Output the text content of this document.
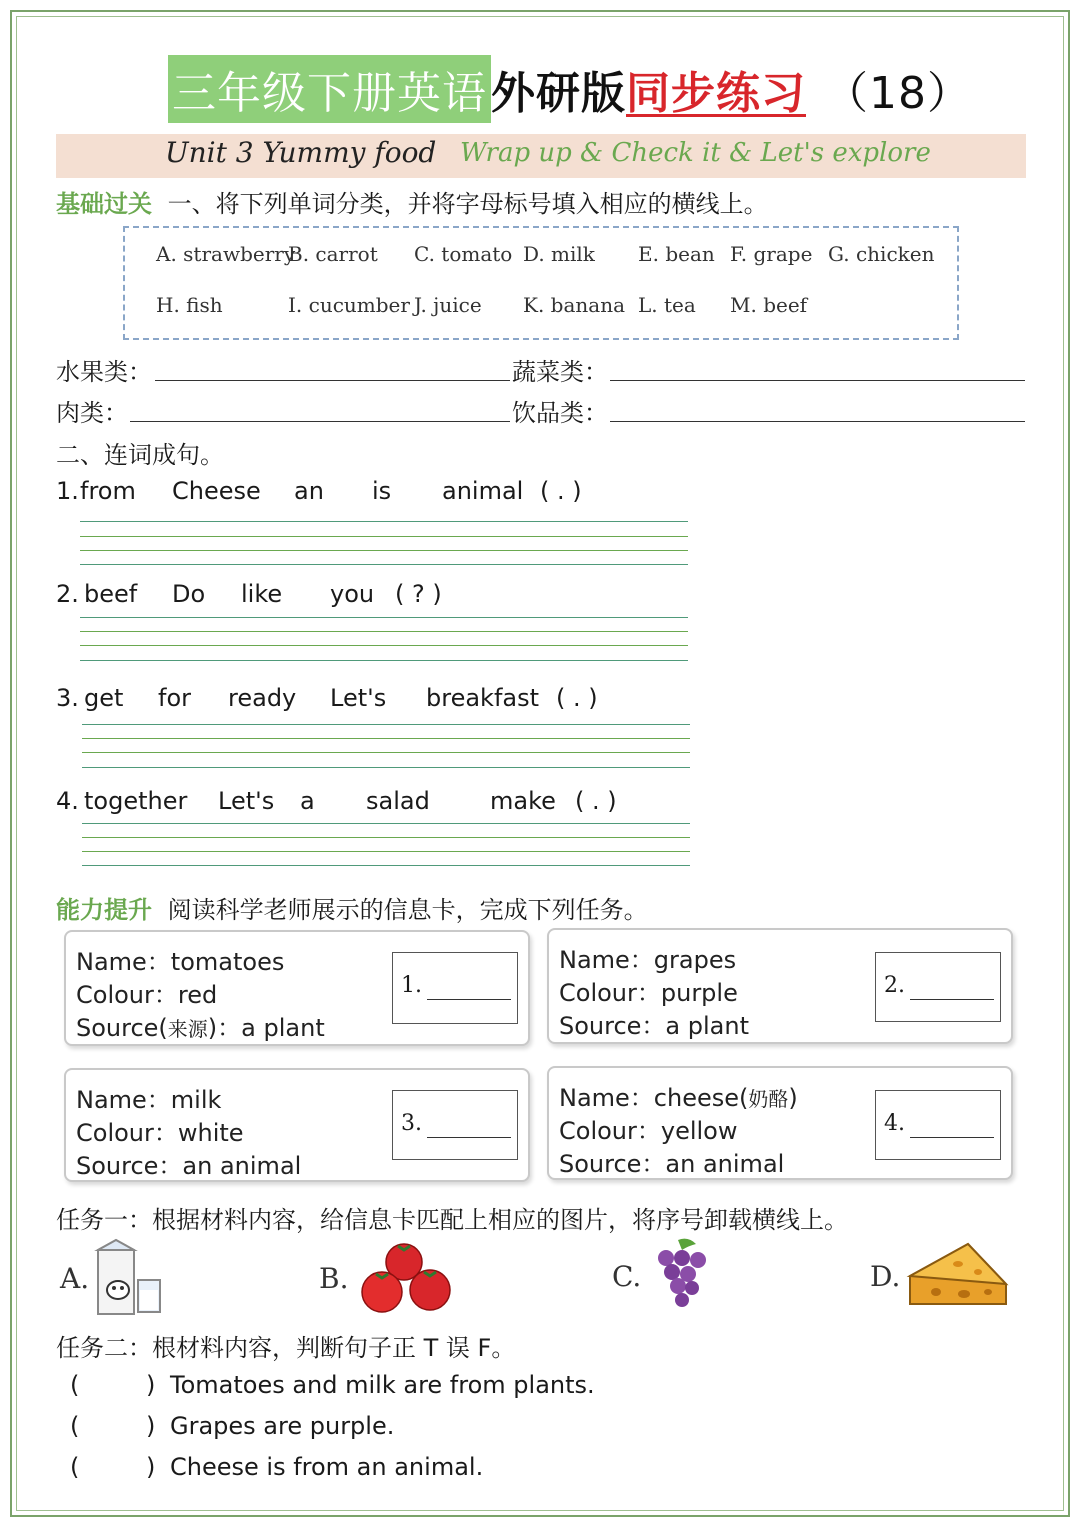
三年级下册英语 外研版 同步练习 （18）
Unit 3 Yummy food Wrap up & Check it & Let's explore
基础过关 一、将下列单词分类，并将字母标号填入相应的横线上。
A. strawberry
B. carrot C. tomato D. milk E. bean F. grape G. chicken
H. fish	I. cucumber J. juice K. banana L. tea M. beef
水果类：	蔬菜类：
肉类：	饮品类：
二、连词成句。
1. from Cheese an is animal ( . )
2. beef Do like you ( ? )
3. get for ready Let's breakfast ( . )
4. together Let's a salad	make ( . )
能力提升 阅读科学老师展示的信息卡，完成下列任务。
Name：tomatoes
Colour：red
Source(来源)：a plant
1.
Name：grapes
Colour：purple
Source：a plant
2.
Name：milk
Colour：white
Source：an animal
3.
Name：cheese(奶酪)
Colour：yellow
Source：an animal
4.
任务一：根据材料内容，给信息卡匹配上相应的图片，将序号卸载横线上。
A.	B.	C.	D.
任务二：根材料内容，判断句子正 T 误 F。
(	) Tomatoes and milk are from plants.
(	) Grapes are purple.
(	) Cheese is from an animal.
